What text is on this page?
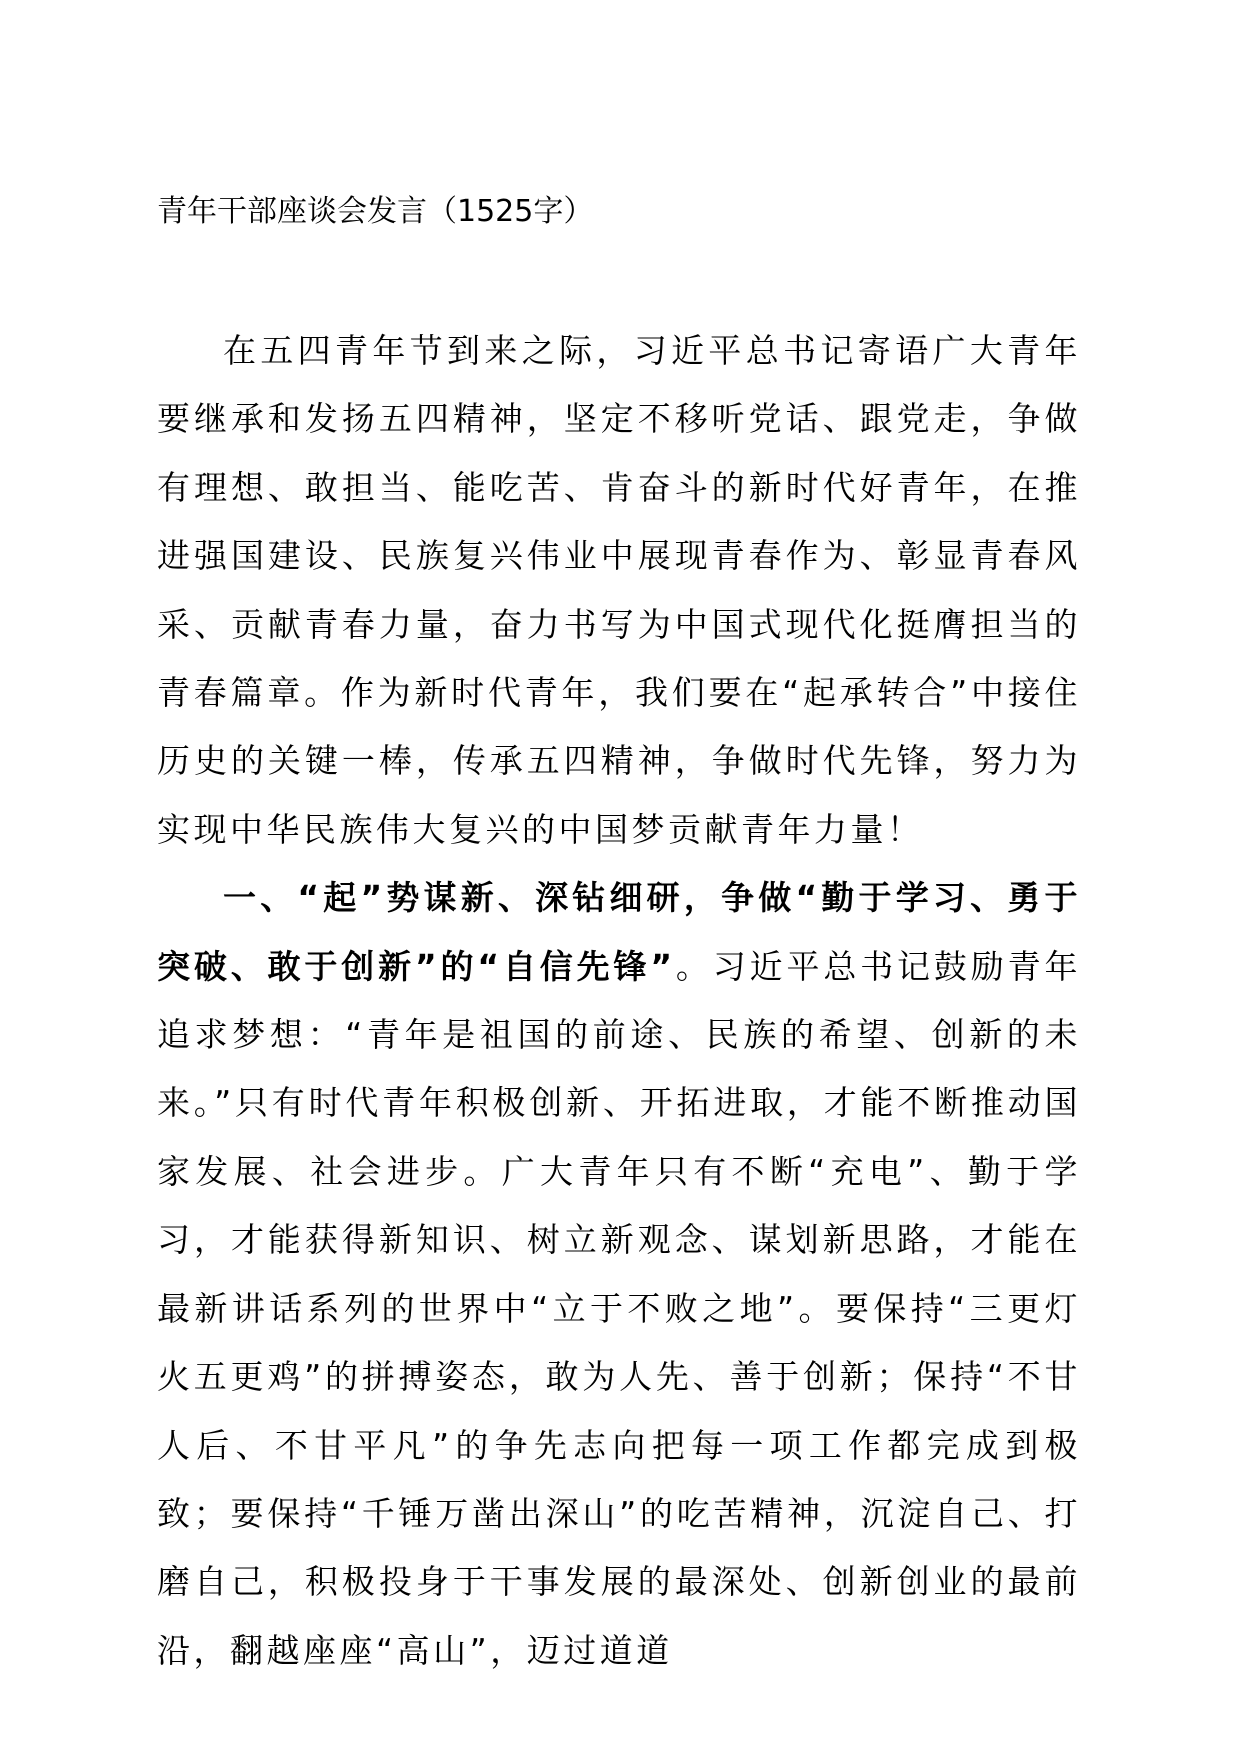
青年干部座谈会发言（1525字）

在五四青年节到来之际，习近平总书记寄语广大青年要继承和发扬五四精神，坚定不移听党话、跟党走，争做有理想、敢担当、能吃苦、肯奋斗的新时代好青年，在推进强国建设、民族复兴伟业中展现青春作为、彰显青春风采、贡献青春力量，奋力书写为中国式现代化挺膺担当的青春篇章。作为新时代青年，我们要在“起承转合”中接住历史的关键一棒，传承五四精神，争做时代先锋，努力为实现中华民族伟大复兴的中国梦贡献青年力量！

一、“起”势谋新、深钻细研，争做“勤于学习、勇于突破、敢于创新”的“自信先锋”。习近平总书记鼓励青年追求梦想：“青年是祖国的前途、民族的希望、创新的未来。”只有时代青年积极创新、开拓进取，才能不断推动国家发展、社会进步。广大青年只有不断“充电”、勤于学习，才能获得新知识、树立新观念、谋划新思路，才能在最新讲话系列的世界中“立于不败之地”。要保持“三更灯火五更鸡”的拼搏姿态，敢为人先、善于创新；保持“不甘人后、不甘平凡”的争先志向把每一项工作都完成到极致；要保持“千锤万凿出深山”的吃苦精神，沉淀自己、打磨自己，积极投身于干事发展的最深处、创新创业的最前沿，翻越座座“高山”，迈过道道
